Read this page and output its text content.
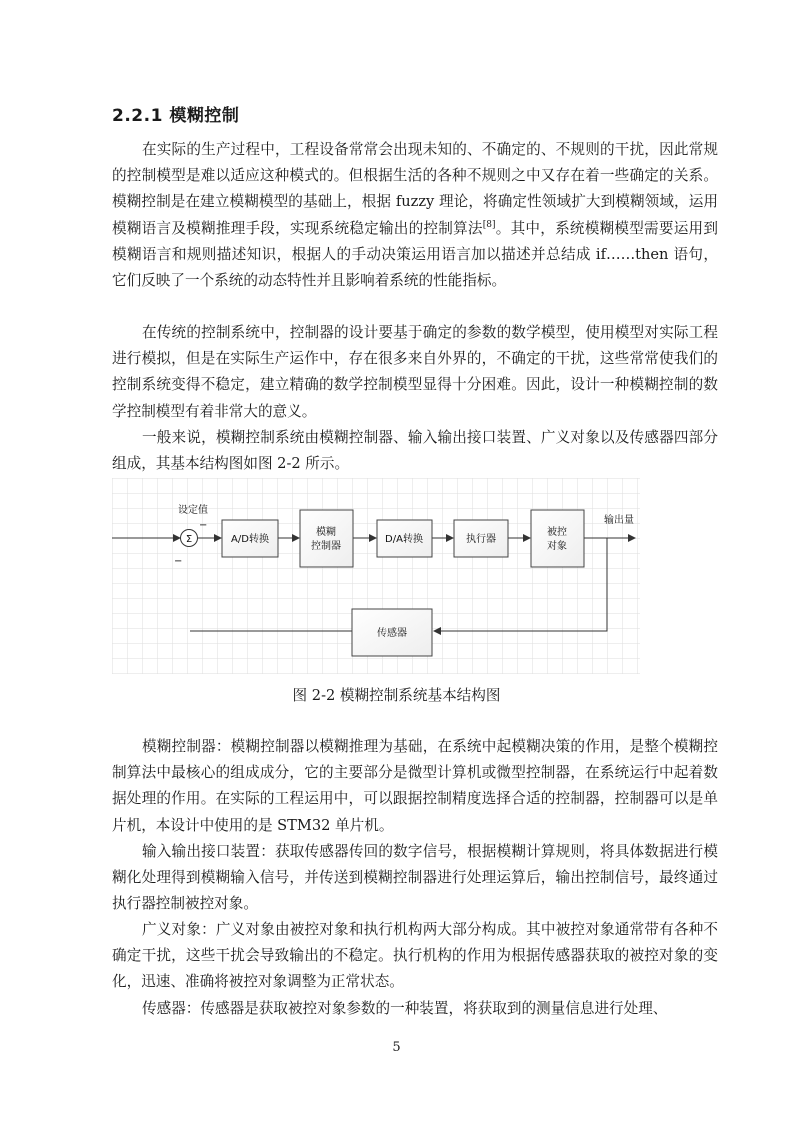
2.2.1 模糊控制

在实际的生产过程中，工程设备常常会出现未知的、不确定的、不规则的干扰，因此常规的控制模型是难以适应这种模式的。但根据生活的各种不规则之中又存在着一些确定的关系。模糊控制是在建立模糊模型的基础上，根据 fuzzy 理论，将确定性领域扩大到模糊领域，运用模糊语言及模糊推理手段，实现系统稳定输出的控制算法[8]。其中，系统模糊模型需要运用到模糊语言和规则描述知识，根据人的手动决策运用语言加以描述并总结成 if……then 语句，它们反映了一个系统的动态特性并且影响着系统的性能指标。

在传统的控制系统中，控制器的设计要基于确定的参数的数学模型，使用模型对实际工程进行模拟，但是在实际生产运作中，存在很多来自外界的，不确定的干扰，这些常常使我们的控制系统变得不稳定，建立精确的数学控制模型显得十分困难。因此，设计一种模糊控制的数学控制模型有着非常大的意义。

一般来说，模糊控制系统由模糊控制器、输入输出接口装置、广义对象以及传感器四部分组成，其基本结构图如图 2-2 所示。

Σ
设定值
−
−
输出量
A/D转换
模糊
控制器
D/A转换	执行器
被控
对象
传感器
图 2-2 模糊控制系统基本结构图

模糊控制器：模糊控制器以模糊推理为基础，在系统中起模糊决策的作用，是整个模糊控制算法中最核心的组成成分，它的主要部分是微型计算机或微型控制器，在系统运行中起着数据处理的作用。在实际的工程运用中，可以跟据控制精度选择合适的控制器，控制器可以是单片机，本设计中使用的是 STM32 单片机。

输入输出接口装置：获取传感器传回的数字信号，根据模糊计算规则，将具体数据进行模糊化处理得到模糊输入信号，并传送到模糊控制器进行处理运算后，输出控制信号，最终通过执行器控制被控对象。

广义对象：广义对象由被控对象和执行机构两大部分构成。其中被控对象通常带有各种不确定干扰，这些干扰会导致输出的不稳定。执行机构的作用为根据传感器获取的被控对象的变化，迅速、准确将被控对象调整为正常状态。

传感器：传感器是获取被控对象参数的一种装置，将获取到的测量信息进行处理、

5
